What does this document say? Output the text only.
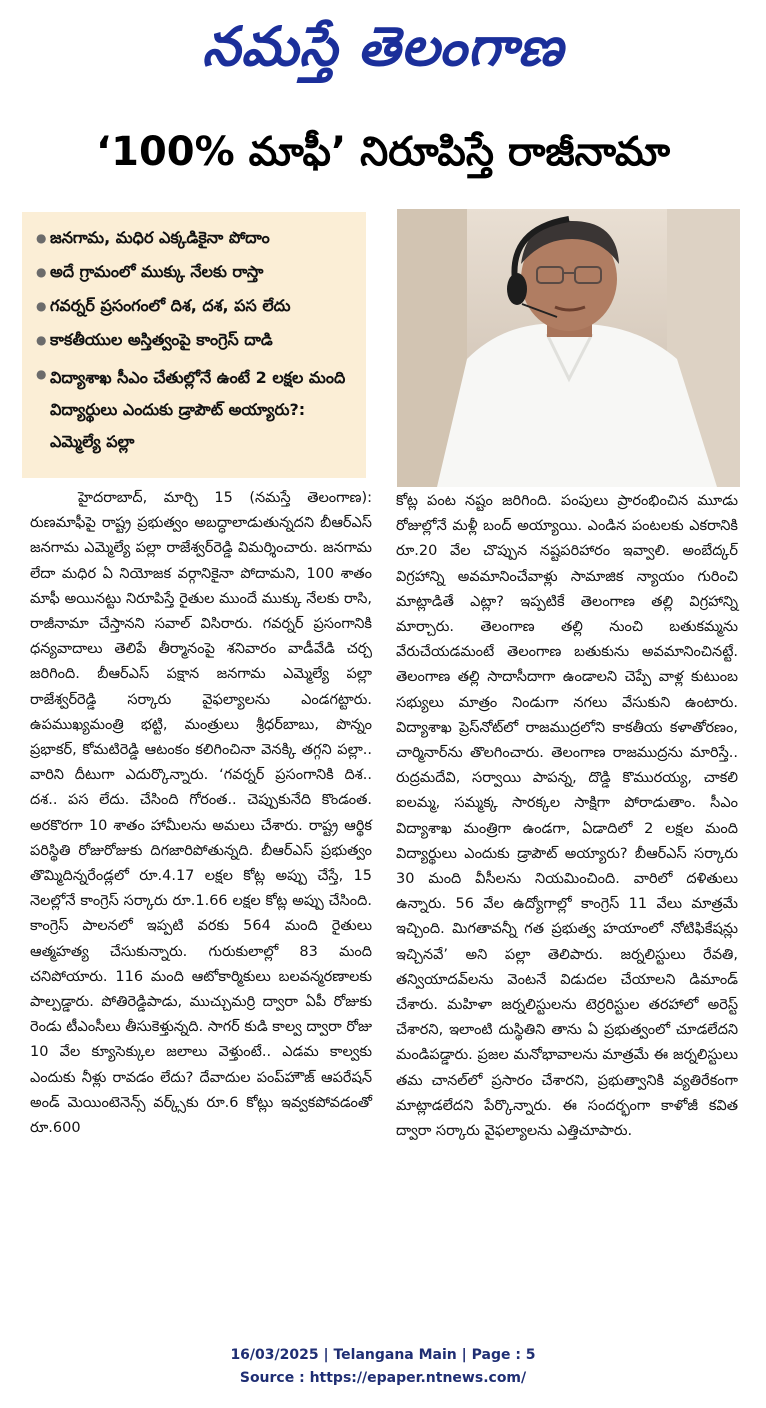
నమస్తే తెలంగాణ
‘100% మాఫీ’ నిరూపిస్తే రాజీనామా
● జనగామ, మధిర ఎక్కడికైనా పోదాం
● అదే గ్రామంలో ముక్కు నేలకు రాస్తా
● గవర్నర్ ప్రసంగంలో దిశ, దశ, పస లేదు
● కాకతీయుల అస్తిత్వంపై కాంగ్రెస్ దాడి
● విద్యాశాఖ సీఎం చేతుల్లోనే ఉంటే 2 లక్షల మంది విద్యార్థులు ఎందుకు డ్రాపౌట్ అయ్యారు?: ఎమ్మెల్యే పల్లా
హైదరాబాద్, మార్చి 15 (నమస్తే తెలంగాణ): రుణమాఫీపై రాష్ట్ర ప్రభుత్వం అబద్ధాలాడుతున్నదని బీఆర్ఎస్ జనగామ ఎమ్మెల్యే పల్లా రాజేశ్వర్‌రెడ్డి విమర్శించారు. జనగామ లేదా మధిర ఏ నియోజక వర్గానికైనా పోదామని, 100 శాతం మాఫీ అయినట్టు నిరూపిస్తే రైతుల ముందే ముక్కు నేలకు రాసి, రాజీనామా చేస్తానని సవాల్ విసిరారు. గవర్నర్ ప్రసంగానికి ధన్యవాదాలు తెలిపే తీర్మానంపై శనివారం వాడీవేడి చర్చ జరిగింది. బీఆర్ఎస్ పక్షాన జనగామ ఎమ్మెల్యే పల్లా రాజేశ్వర్‌రెడ్డి సర్కారు వైఫల్యాలను ఎండగట్టారు. ఉపముఖ్యమంత్రి భట్టి, మంత్రులు శ్రీధర్‌బాబు, పొన్నం ప్రభాకర్, కోమటిరెడ్డి ఆటంకం కలిగించినా వెనక్కి తగ్గని పల్లా.. వారిని దీటుగా ఎదుర్కొన్నారు. ‘గవర్నర్ ప్రసంగానికి దిశ.. దశ.. పస లేదు. చేసింది గోరంత.. చెప్పుకునేది కొండంత. అరకొరగా 10 శాతం హామీలను అమలు చేశారు. రాష్ట్ర ఆర్థిక పరిస్థితి రోజురోజుకు దిగజారిపోతున్నది. బీఆర్ఎస్ ప్రభుత్వం తొమ్మిదిన్నరేండ్లలో రూ.4.17 లక్షల కోట్ల అప్పు చేస్తే, 15 నెలల్లోనే కాంగ్రెస్ సర్కారు రూ.1.66 లక్షల కోట్ల అప్పు చేసింది. కాంగ్రెస్ పాలనలో ఇప్పటి వరకు 564 మంది రైతులు ఆత్మహత్య చేసుకున్నారు. గురుకులాల్లో 83 మంది చనిపోయారు. 116 మంది ఆటోకార్మికులు బలవన్మరణాలకు పాల్పడ్డారు. పోతిరెడ్డిపాడు, ముచ్చుమర్రి ద్వారా ఏపీ రోజుకు రెండు టీఎంసీలు తీసుకెళ్తున్నది. సాగర్ కుడి కాల్వ ద్వారా రోజు 10 వేల క్యూసెక్కుల జలాలు వెళ్తుంటే.. ఎడమ కాల్వకు ఎందుకు నీళ్లు రావడం లేదు? దేవాదుల పంప్‌హౌజ్ ఆపరేషన్ అండ్ మెయింటెనెన్స్ వర్క్స్‌కు రూ.6 కోట్లు ఇవ్వకపోవడంతో రూ.600
కోట్ల పంట నష్టం జరిగింది. పంపులు ప్రారంభించిన మూడు రోజుల్లోనే మళ్లీ బంద్ అయ్యాయి. ఎండిన పంటలకు ఎకరానికి రూ.20 వేల చొప్పున నష్టపరిహారం ఇవ్వాలి. అంబేద్కర్ విగ్రహాన్ని అవమానించేవాళ్లు సామాజిక న్యాయం గురించి మాట్లాడితే ఎట్లా? ఇప్పటికే తెలంగాణ తల్లి విగ్రహాన్ని మార్చారు. తెలంగాణ తల్లి నుంచి బతుకమ్మను వేరుచేయడమంటే తెలంగాణ బతుకును అవమానించినట్టే. తెలంగాణ తల్లి సాదాసీదాగా ఉండాలని చెప్పే వాళ్ల కుటుంబ సభ్యులు మాత్రం నిండుగా నగలు వేసుకుని ఉంటారు. విద్యాశాఖ ప్రెస్‌నోట్‌లో రాజముద్రలోని కాకతీయ కళాతోరణం, చార్మినార్‌ను తొలగించారు. తెలంగాణ రాజముద్రను మారిస్తే.. రుద్రమదేవి, సర్వాయి పాపన్న, దొడ్డి కొమురయ్య, చాకలి ఐలమ్మ, సమ్మక్క సారక్కల సాక్షిగా పోరాడుతాం. సీఎం విద్యాశాఖ మంత్రిగా ఉండగా, ఏడాదిలో 2 లక్షల మంది విద్యార్థులు ఎందుకు డ్రాపౌట్ అయ్యారు? బీఆర్ఎస్ సర్కారు 30 మంది వీసీలను నియమించింది. వారిలో దళితులు ఉన్నారు. 56 వేల ఉద్యోగాల్లో కాంగ్రెస్ 11 వేలు మాత్రమే ఇచ్చింది. మిగతావన్నీ గత ప్రభుత్వ హయాంలో నోటిఫికేషన్లు ఇచ్చినవే’ అని పల్లా తెలిపారు. జర్నలిస్టులు రేవతి, తన్వియాదవ్‌లను వెంటనే విడుదల చేయాలని డిమాండ్ చేశారు. మహిళా జర్నలిస్టులను టెర్రరిస్టుల తరహాలో అరెస్ట్ చేశారని, ఇలాంటి దుస్థితిని తాను ఏ ప్రభుత్వంలో చూడలేదని మండిపడ్డారు. ప్రజల మనోభావాలను మాత్రమే ఈ జర్నలిస్టులు తమ చానల్‌లో ప్రసారం చేశారని, ప్రభుత్వానికి వ్యతిరేకంగా మాట్లాడలేదని పేర్కొన్నారు. ఈ సందర్భంగా కాళోజీ కవిత ద్వారా సర్కారు వైఫల్యాలను ఎత్తిచూపారు.
16/03/2025 | Telangana Main | Page : 5
Source : https://epaper.ntnews.com/
